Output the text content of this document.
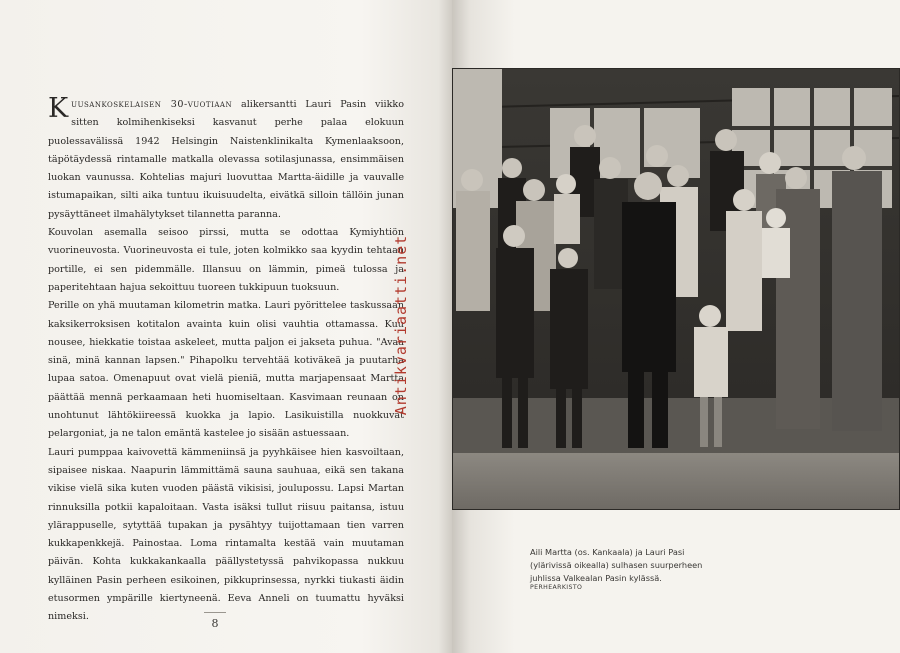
Kuusankoskelaisen 30-vuotiaan alikersantti Lauri Pasin viikko sitten kolmihenkiseksi kasvanut perhe palaa elokuun puolessavälissä 1942 Helsingin Naistenklinikalta Kymenlaaksoon, täpötäydessä rintamalle matkalla olevassa sotilasjunassa, ensimmäisen luokan vaunussa. Kohtelias majuri luovuttaa Martta-äidille ja vauvalle istumapaikan, silti aika tuntuu ikuisuudelta, eivätkä silloin tällöin junan pysäyttäneet ilmahälytykset tilannetta paranna.

Kouvolan asemalla seisoo pirssi, mutta se odottaa Kymiyhtiön vuorineuvosta. Vuorineuvosta ei tule, joten kolmikko saa kyydin tehtaan portille, ei sen pidemmälle. Illansuu on lämmin, pimeä tulossa ja paperitehtaan hajua sekoittuu tuoreen tukkipuun tuoksuun.

Perille on yhä muutaman kilometrin matka. Lauri pyörittelee taskussaan kaksikerroksisen kotitalon avainta kuin olisi vauhtia ottamassa. Kuu nousee, hiekkatie toistaa askeleet, mutta paljon ei jakseta puhua. "Avaa sinä, minä kannan lapsen." Pihapolku tervehtää kotiväkeä ja puutarha lupaa satoa. Omenapuut ovat vielä pieniä, mutta marjapensaat Martta päättää mennä perkaamaan heti huomiseltaan. Kasvimaan reunaan on unohtunut lähtökiireessä kuokka ja lapio. Lasikuistilla nuokkuvat pelargoniat, ja ne talon emäntä kastelee jo sisään astuessaan.

Lauri pumppaa kaivovettä kämmeniinsä ja pyyhkäisee hien kasvoiltaan, sipaisee niskaa. Naapurin lämmittämä sauna sauhuaa, eikä sen takana vikise vielä sika kuten vuoden päästä vikisisi, joulupossu. Lapsi Martan rinnuksilla potkii kapaloitaan. Vasta isäksi tullut riisuu paitansa, istuu ylärappuselle, sytyttää tupakan ja pysähtyy tuijottamaan tien varren kukkapenkkejä. Painostaa. Loma rintamalta kestää vain muutaman päivän. Kohta kukkakankaalla päällystetyssä pahvikopassa nukkuu kylläinen Pasin perheen esikoinen, pikkuprinsessa, nyrkki tiukasti äidin etusormen ympärille kiertyneenä. Eeva Anneli on tuumattu hyväksi nimeksi.

8
Antikvariaatti.net

Aili Martta (os. Kankaala) ja Lauri Pasi (ylärivissä oikealla) sulhasen suurperheen juhlissa Valkealan Pasin kylässä.

PERHEARKISTO
